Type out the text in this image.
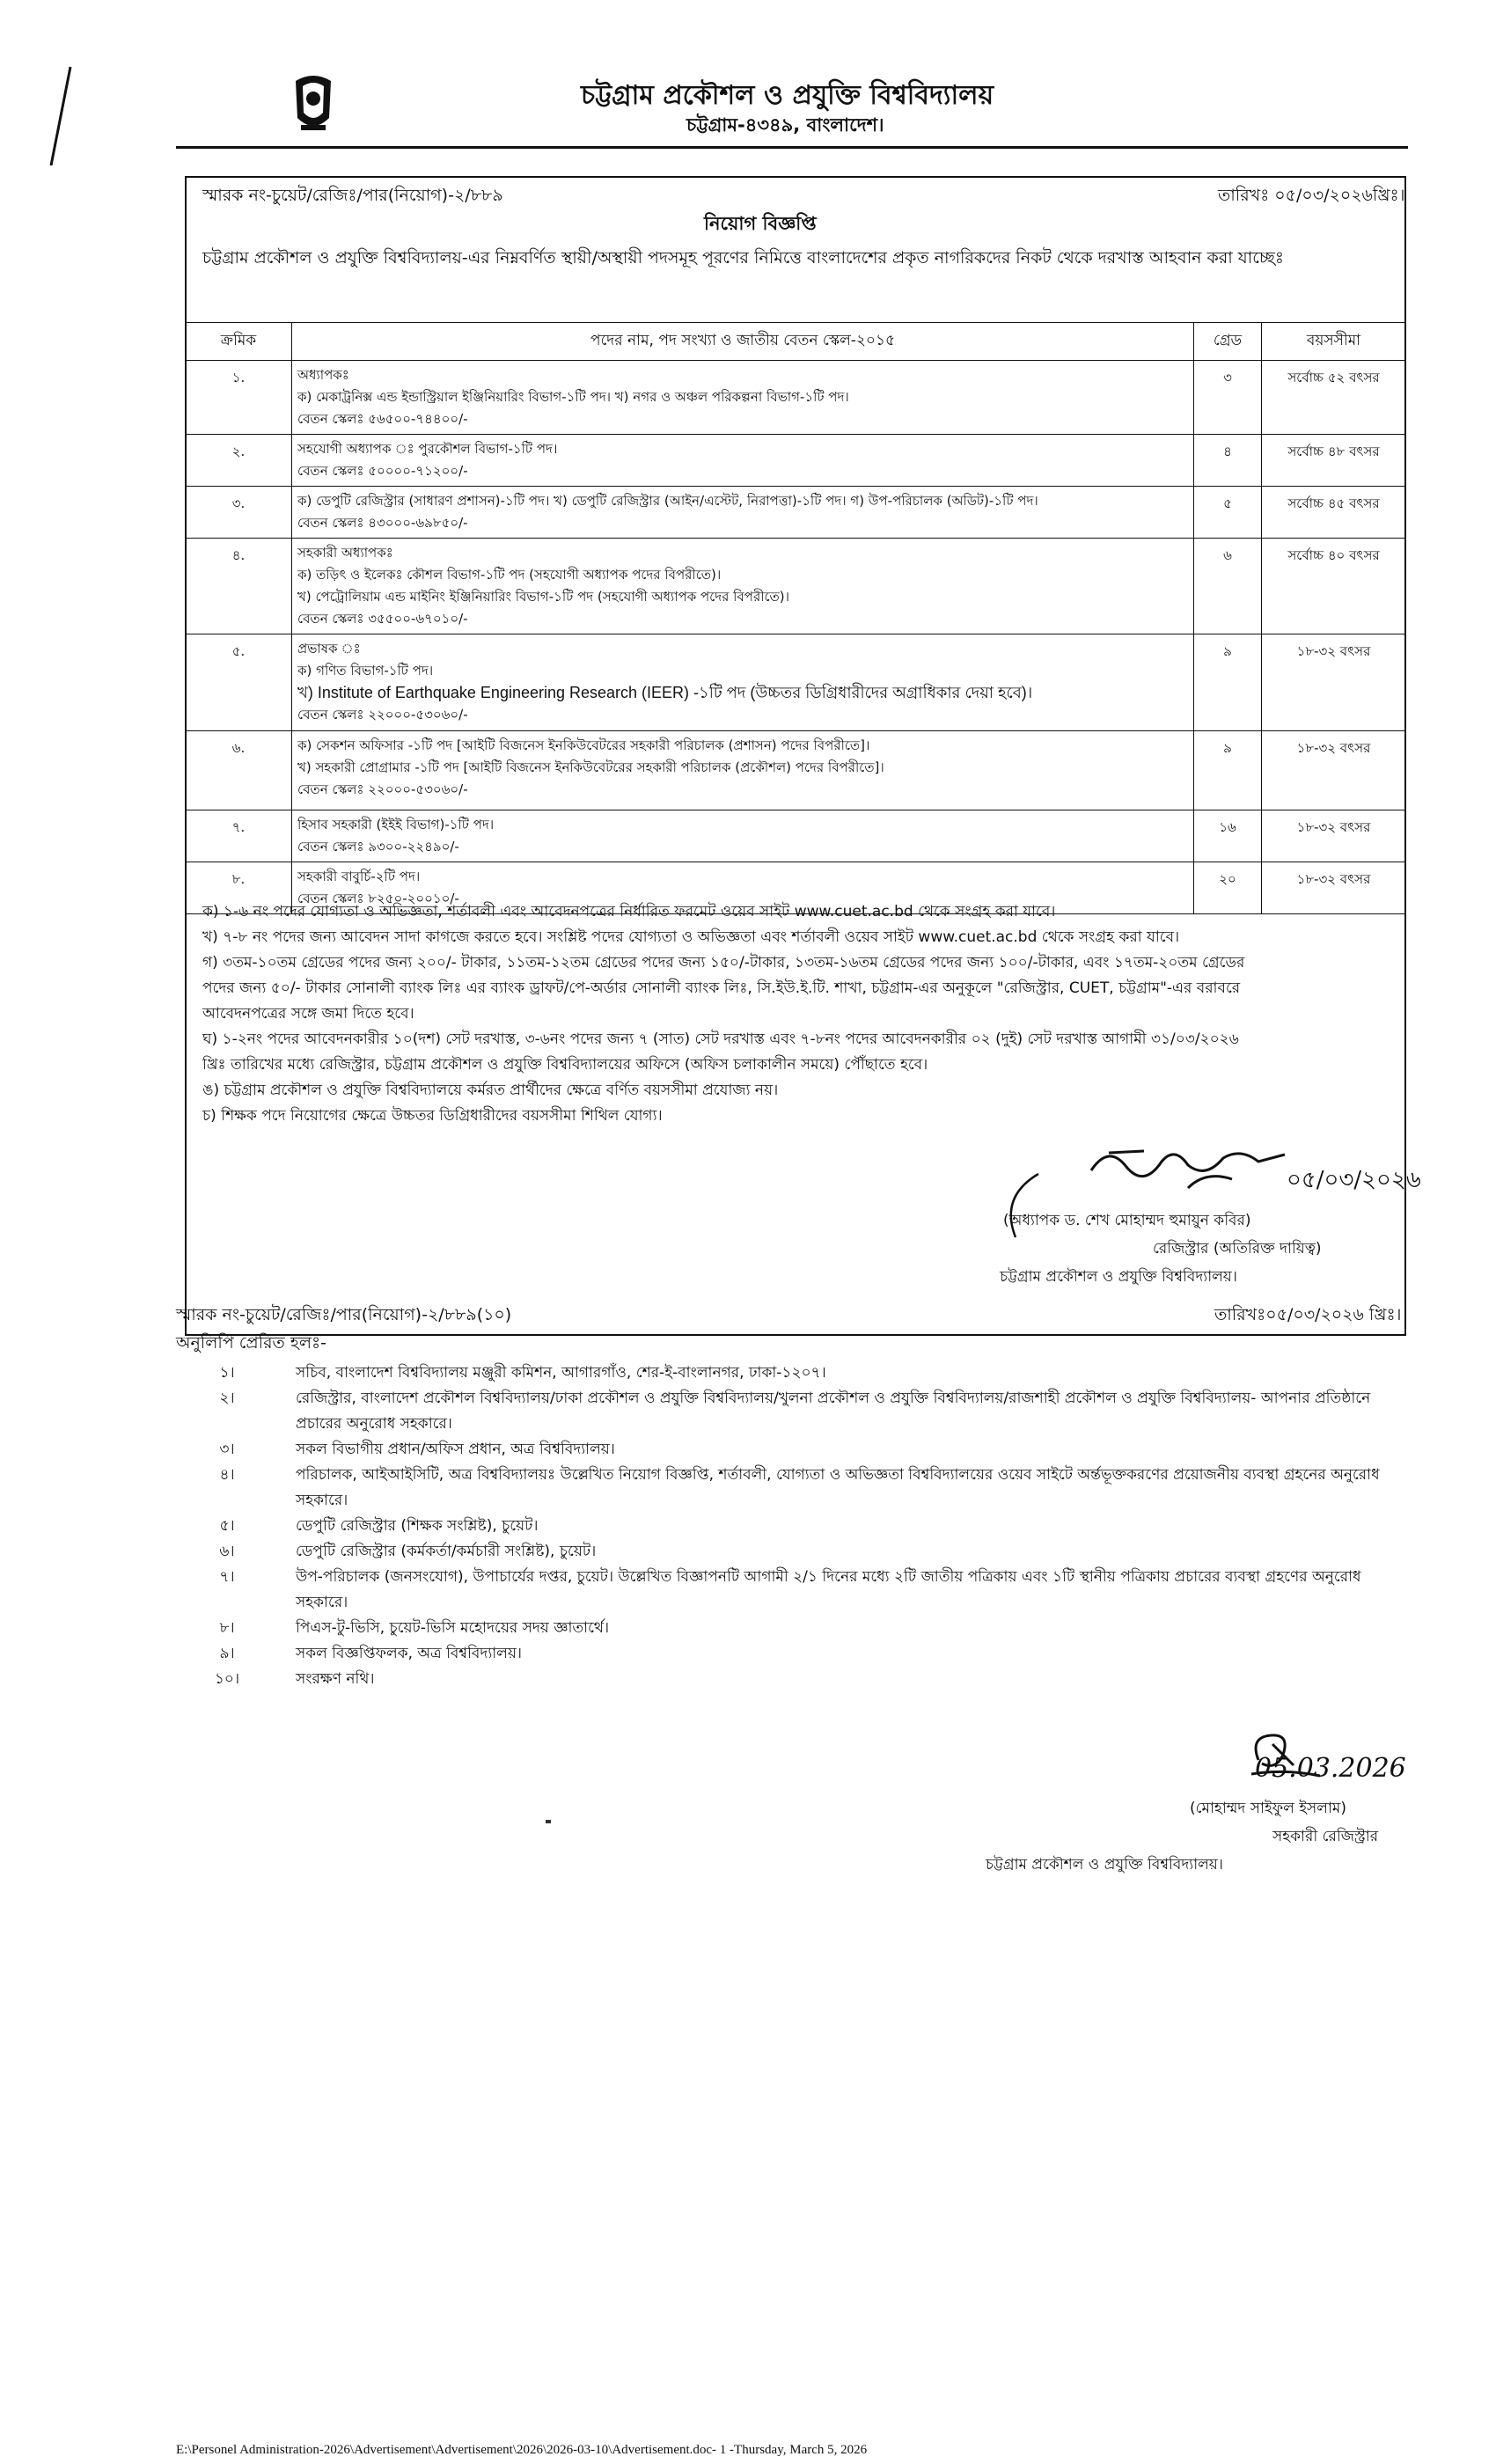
চট্টগ্রাম প্রকৌশল ও প্রযুক্তি বিশ্ববিদ্যালয়
চট্টগ্রাম-৪৩৪৯, বাংলাদেশ।
স্মারক নং-চুয়েট/রেজিঃ/পার(নিয়োগ)-২/৮৮৯	তারিখঃ ০৫/০৩/২০২৬খ্রিঃ।
নিয়োগ বিজ্ঞপ্তি
চট্টগ্রাম প্রকৌশল ও প্রযুক্তি বিশ্ববিদ্যালয়-এর নিম্নবর্ণিত স্থায়ী/অস্থায়ী পদসমূহ পূরণের নিমিত্তে বাংলাদেশের প্রকৃত নাগরিকদের নিকট থেকে দরখাস্ত আহবান করা যাচ্ছেঃ
ক্রমিক	পদের নাম, পদ সংখ্যা ও জাতীয় বেতন স্কেল-২০১৫	গ্রেড	বয়সসীমা
১.	অধ্যাপকঃ
ক) মেকাট্রনিক্স এন্ড ইন্ডাস্ট্রিয়াল ইঞ্জিনিয়ারিং বিভাগ-১টি পদ। খ) নগর ও অঞ্চল পরিকল্পনা বিভাগ-১টি পদ।
বেতন স্কেলঃ ৫৬৫০০-৭৪৪০০/-	৩	সর্বোচ্চ ৫২ বৎসর
২.	সহযোগী অধ্যাপক ঃ পুরকৌশল বিভাগ-১টি পদ।
বেতন স্কেলঃ ৫০০০০-৭১২০০/-	৪	সর্বোচ্চ ৪৮ বৎসর
৩.	ক) ডেপুটি রেজিস্ট্রার (সাধারণ প্রশাসন)-১টি পদ। খ) ডেপুটি রেজিস্ট্রার (আইন/এস্টেট, নিরাপত্তা)-১টি পদ। গ) উপ-পরিচালক (অডিট)-১টি পদ।
বেতন স্কেলঃ ৪৩০০০-৬৯৮৫০/-	৫	সর্বোচ্চ ৪৫ বৎসর
৪.	সহকারী অধ্যাপকঃ
ক) তড়িৎ ও ইলেকঃ কৌশল বিভাগ-১টি পদ (সহযোগী অধ্যাপক পদের বিপরীতে)।
খ) পেট্রোলিয়াম এন্ড মাইনিং ইঞ্জিনিয়ারিং বিভাগ-১টি পদ (সহযোগী অধ্যাপক পদের বিপরীতে)।
বেতন স্কেলঃ ৩৫৫০০-৬৭০১০/-	৬	সর্বোচ্চ ৪০ বৎসর
৫.	প্রভাষক ঃ
ক) গণিত বিভাগ-১টি পদ।
খ) Institute of Earthquake Engineering Research (IEER) -১টি পদ (উচ্চতর ডিগ্রিধারীদের অগ্রাধিকার দেয়া হবে)।
বেতন স্কেলঃ ২২০০০-৫৩০৬০/-	৯	১৮-৩২ বৎসর
৬.	ক) সেকশন অফিসার -১টি পদ [আইটি বিজনেস ইনকিউবেটরের সহকারী পরিচালক (প্রশাসন) পদের বিপরীতে]।
খ) সহকারী প্রোগ্রামার -১টি পদ [আইটি বিজনেস ইনকিউবেটরের সহকারী পরিচালক (প্রকৌশল) পদের বিপরীতে]।
বেতন স্কেলঃ ২২০০০-৫৩০৬০/-	৯	১৮-৩২ বৎসর
৭.	হিসাব সহকারী (ইইই বিভাগ)-১টি পদ।
বেতন স্কেলঃ ৯৩০০-২২৪৯০/-	১৬	১৮-৩২ বৎসর
৮.	সহকারী বাবুর্চি-২টি পদ।
বেতন স্কেলঃ ৮২৫০-২০০১০/-	২০	১৮-৩২ বৎসর
ক) ১-৬ নং পদের যোগ্যতা ও অভিজ্ঞতা, শর্তাবলী এবং আবেদনপত্রের নির্ধারিত ফরমেট ওয়েব সাইট www.cuet.ac.bd থেকে সংগ্রহ করা যাবে।
খ) ৭-৮ নং পদের জন্য আবেদন সাদা কাগজে করতে হবে। সংশ্লিষ্ট পদের যোগ্যতা ও অভিজ্ঞতা এবং শর্তাবলী ওয়েব সাইট www.cuet.ac.bd থেকে সংগ্রহ করা যাবে।
গ) ৩তম-১০তম গ্রেডের পদের জন্য ২০০/- টাকার, ১১তম-১২তম গ্রেডের পদের জন্য ১৫০/-টাকার, ১৩তম-১৬তম গ্রেডের পদের জন্য ১০০/-টাকার, এবং ১৭তম-২০তম গ্রেডের
পদের জন্য ৫০/- টাকার সোনালী ব্যাংক লিঃ এর ব্যাংক ড্রাফট/পে-অর্ডার সোনালী ব্যাংক লিঃ, সি.ইউ.ই.টি. শাখা, চট্টগ্রাম-এর অনুকূলে "রেজিস্ট্রার, CUET, চট্টগ্রাম"-এর বরাবরে
আবেদনপত্রের সঙ্গে জমা দিতে হবে।
ঘ) ১-২নং পদের আবেদনকারীর ১০(দশ) সেট দরখাস্ত, ৩-৬নং পদের জন্য ৭ (সাত) সেট দরখাস্ত এবং ৭-৮নং পদের আবেদনকারীর ০২ (দুই) সেট দরখাস্ত আগামী ৩১/০৩/২০২৬
খ্রিঃ তারিখের মধ্যে রেজিস্ট্রার, চট্টগ্রাম প্রকৌশল ও প্রযুক্তি বিশ্ববিদ্যালয়ের অফিসে (অফিস চলাকালীন সময়ে) পৌঁছাতে হবে।
ঙ) চট্টগ্রাম প্রকৌশল ও প্রযুক্তি বিশ্ববিদ্যালয়ে কর্মরত প্রার্থীদের ক্ষেত্রে বর্ণিত বয়সসীমা প্রযোজ্য নয়।
চ) শিক্ষক পদে নিয়োগের ক্ষেত্রে উচ্চতর ডিগ্রিধারীদের বয়সসীমা শিথিল যোগ্য।
০৫/০৩/২০২৬
(অধ্যাপক ড. শেখ মোহাম্মদ হুমায়ুন কবির)
রেজিস্ট্রার (অতিরিক্ত দায়িত্ব)
চট্টগ্রাম প্রকৌশল ও প্রযুক্তি বিশ্ববিদ্যালয়।
স্মারক নং-চুয়েট/রেজিঃ/পার(নিয়োগ)-২/৮৮৯(১০)	তারিখঃ০৫/০৩/২০২৬ খ্রিঃ।
অনুলিপি প্রেরিত হলঃ-
১।	সচিব, বাংলাদেশ বিশ্ববিদ্যালয় মঞ্জুরী কমিশন, আগারগাঁও, শের-ই-বাংলানগর, ঢাকা-১২০৭।
২।	রেজিস্ট্রার, বাংলাদেশ প্রকৌশল বিশ্ববিদ্যালয়/ঢাকা প্রকৌশল ও প্রযুক্তি বিশ্ববিদ্যালয়/খুলনা প্রকৌশল ও প্রযুক্তি বিশ্ববিদ্যালয়/রাজশাহী প্রকৌশল ও প্রযুক্তি বিশ্ববিদ্যালয়- আপনার প্রতিষ্ঠানে প্রচারের অনুরোধ সহকারে।
৩।	সকল বিভাগীয় প্রধান/অফিস প্রধান, অত্র বিশ্ববিদ্যালয়।
৪।	পরিচালক, আইআইসিটি, অত্র বিশ্ববিদ্যালয়ঃ উল্লেখিত নিয়োগ বিজ্ঞপ্তি, শর্তাবলী, যোগ্যতা ও অভিজ্ঞতা বিশ্ববিদ্যালয়ের ওয়েব সাইটে অর্ন্তভূক্তকরণের প্রয়োজনীয় ব্যবস্থা গ্রহনের অনুরোধ সহকারে।
৫।	ডেপুটি রেজিস্ট্রার (শিক্ষক সংশ্লিষ্ট), চুয়েট।
৬।	ডেপুটি রেজিস্ট্রার (কর্মকর্তা/কর্মচারী সংশ্লিষ্ট), চুয়েট।
৭।	উপ-পরিচালক (জনসংযোগ), উপাচার্যের দপ্তর, চুয়েট। উল্লেখিত বিজ্ঞাপনটি আগামী ২/১ দিনের মধ্যে ২টি জাতীয় পত্রিকায় এবং ১টি স্থানীয় পত্রিকায় প্রচারের ব্যবস্থা গ্রহণের অনুরোধ সহকারে।
৮।	পিএস-টু-ভিসি, চুয়েট-ভিসি মহোদয়ের সদয় জ্ঞাতার্থে।
৯।	সকল বিজ্ঞপ্তিফলক, অত্র বিশ্ববিদ্যালয়।
১০।	সংরক্ষণ নথি।
05.03.2026
(মোহাম্মদ সাইফুল ইসলাম)
সহকারী রেজিস্ট্রার
চট্টগ্রাম প্রকৌশল ও প্রযুক্তি বিশ্ববিদ্যালয়।
E:\Personel Administration-2026\Advertisement\Advertisement\2026\2026-03-10\Advertisement.doc- 1 -Thursday, March 5, 2026
